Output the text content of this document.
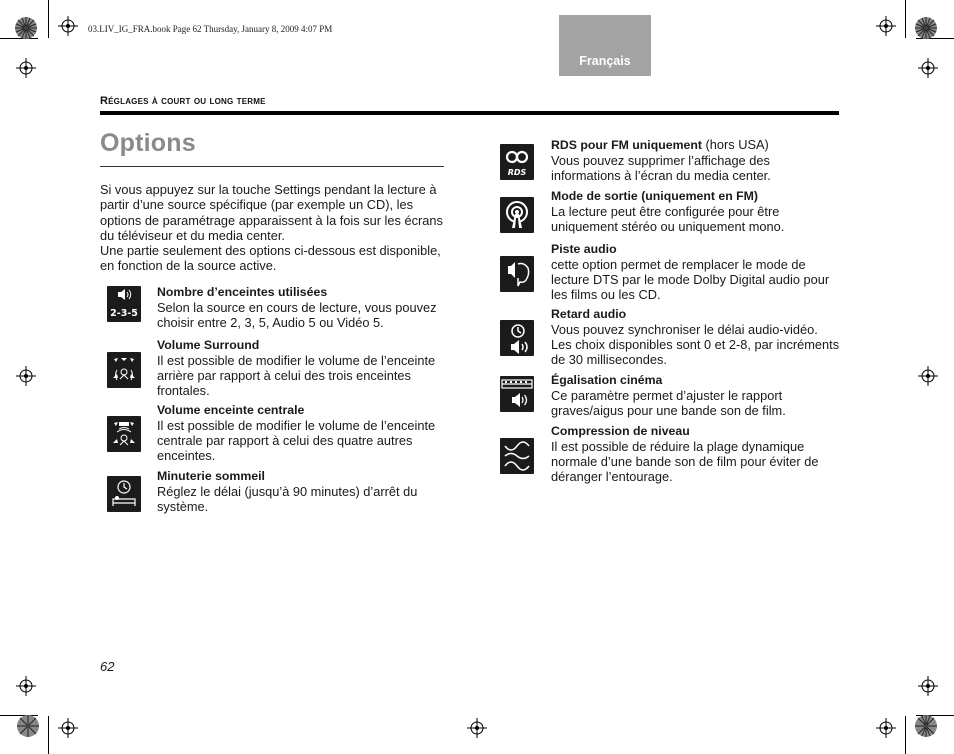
03.LIV_IG_FRA.book Page 62 Thursday, January 8, 2009 4:07 PM
Français
Réglages à court ou long terme
Options

Si vous appuyez sur la touche Settings pendant la lecture à partir d’une source spécifique (par exemple un CD), les options de paramétrage apparaissent à la fois sur les écrans du téléviseur et du media center.

Une partie seulement des options ci-dessous est disponible, en fonction de la source active.

2-3-5
Nombre d’enceintes utilisées
Selon la source en cours de lecture, vous pouvez choisir entre 2, 3, 5, Audio 5 ou Vidéo 5.
Volume Surround
Il est possible de modifier le volume de l’enceinte arrière par rapport à celui des trois enceintes frontales.
Volume enceinte centrale
Il est possible de modifier le volume de l’enceinte centrale par rapport à celui des quatre autres enceintes.
Minuterie sommeil
Réglez le délai (jusqu’à 90 minutes) d’arrêt du système.
RDS
RDS pour FM uniquement (hors USA)
Vous pouvez supprimer l’affichage des informations à l’écran du media center.
Mode de sortie (uniquement en FM)
La lecture peut être configurée pour être uniquement stéréo ou uniquement mono.
Piste audio
cette option permet de remplacer le mode de lecture DTS par le mode Dolby Digital audio pour les films ou les CD.
Retard audio
Vous pouvez synchroniser le délai audio-vidéo. Les choix disponibles sont 0 et 2-8, par incréments de 30 millisecondes.
Égalisation cinéma
Ce paramètre permet d’ajuster le rapport graves/aigus pour une bande son de film.
Compression de niveau
Il est possible de réduire la plage dynamique normale d’une bande son de film pour éviter de déranger l’entourage.
62
